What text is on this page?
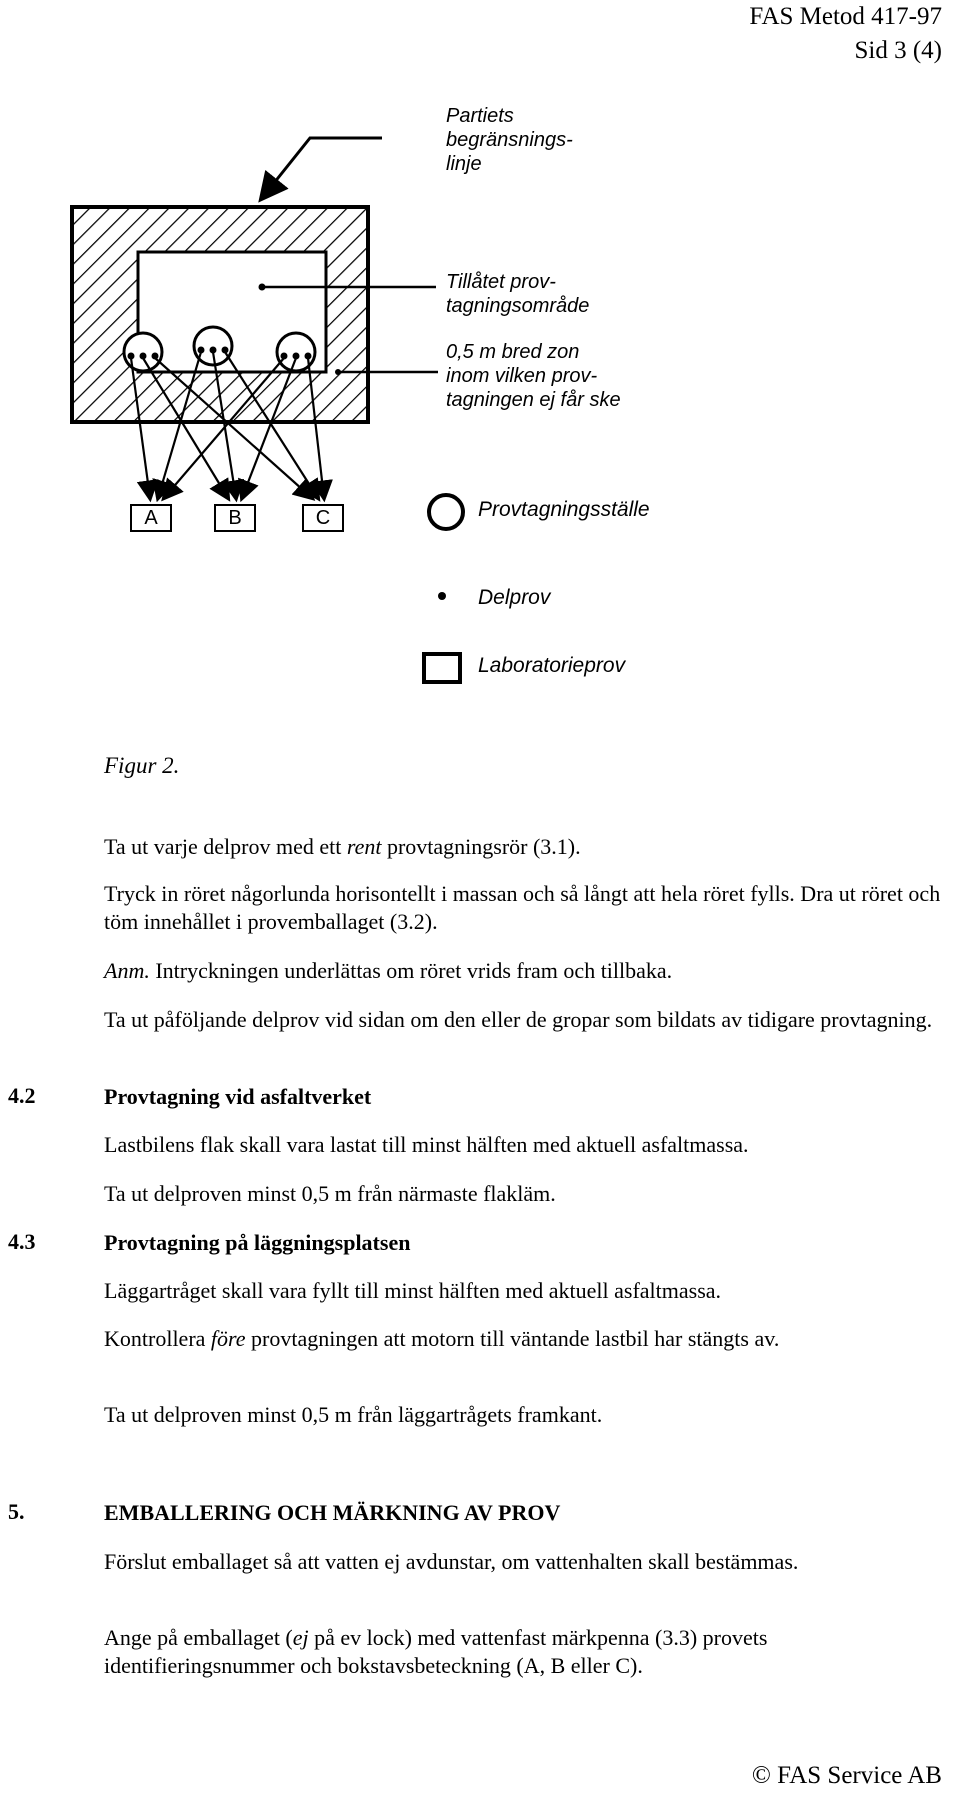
FAS Metod 417-97
Sid 3 (4)
Partiets
begränsnings-
linje
Tillåtet prov-
tagningsområde
0,5 m bred zon
inom vilken prov-
tagningen ej får ske
A	B	C	Provtagningsställe
Delprov
Laboratorieprov
Figur 2.
Ta ut varje delprov med ett rent provtagningsrör (3.1).
Tryck in röret någorlunda horisontellt i massan och så långt att hela röret fylls. Dra ut röret och töm innehållet i provemballaget (3.2).
Anm. Intryckningen underlättas om röret vrids fram och tillbaka.
Ta ut påföljande delprov vid sidan om den eller de gropar som bildats av tidigare provtagning.
4.2	Provtagning vid asfaltverket
Lastbilens flak skall vara lastat till minst hälften med aktuell asfaltmassa.
Ta ut delproven minst 0,5 m från närmaste flakläm.
4.3	Provtagning på läggningsplatsen
Läggartråget skall vara fyllt till minst hälften med aktuell asfaltmassa.
Kontrollera före provtagningen att motorn till väntande lastbil har stängts av.
Ta ut delproven minst 0,5 m från läggartrågets framkant.
5.	EMBALLERING OCH MÄRKNING AV PROV
Förslut emballaget så att vatten ej avdunstar, om vattenhalten skall bestämmas.
Ange på emballaget (ej på ev lock) med vattenfast märkpenna (3.3) provets identifieringsnummer och bokstavsbeteckning (A, B eller C).
© FAS Service AB
